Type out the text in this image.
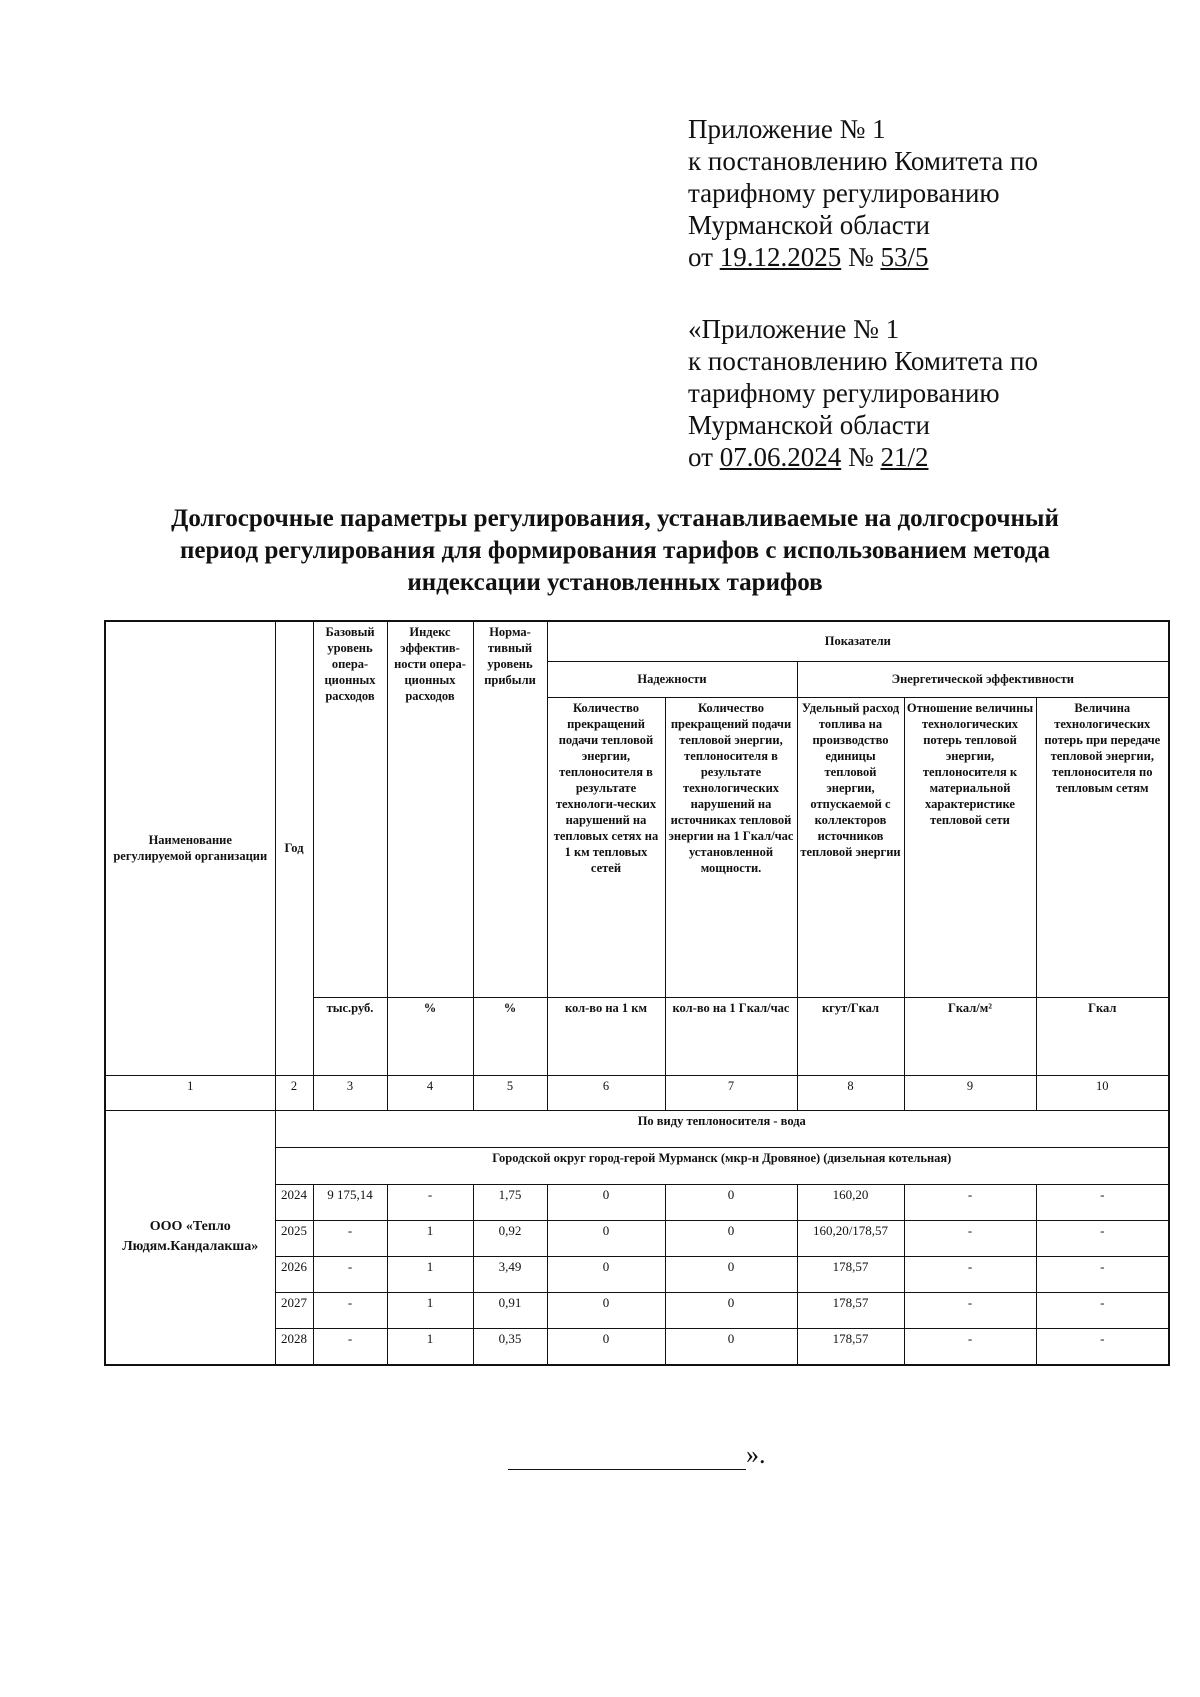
Приложение № 1
к постановлению Комитета по
тарифному регулированию
Мурманской области
от 19.12.2025 № 53/5
«Приложение № 1
к постановлению Комитета по
тарифному регулированию
Мурманской области
от 07.06.2024 № 21/2
Долгосрочные параметры регулирования, устанавливаемые на долгосрочный период регулирования для формирования тарифов с использованием метода индексации установленных тарифов
Наименование регулируемой организации	Год	Базовый уровень опера-ционных расходов	Индекс эффектив-ности опера-ционных расходов	Норма-тивный уровень прибыли	Показатели				
					Надежности		Энергетической эффективности		
					Количество прекращений подачи тепловой энергии, теплоносителя в результате технологи-ческих нарушений на тепловых сетях на 1 км тепловых сетей	Количество прекращений подачи тепловой энергии, теплоносителя в результате технологических нарушений на источниках тепловой энергии на 1 Гкал/час установленной мощности.	Удельный расход топлива на производство единицы тепловой энергии, отпускаемой с коллекторов источников тепловой энергии	Отношение величины технологических потерь тепловой энергии, теплоносителя к материальной характеристике тепловой сети	Величина технологических потерь при передаче тепловой энергии, теплоносителя по тепловым сетям
		тыс.руб.	%	%	кол-во на 1 км	кол-во на 1 Гкал/час	кгут/Гкал	Гкал/м²	Гкал
1	2	3	4	5	6	7	8	9	10
ООО «Тепло Людям.Кандалакша»	По виду теплоносителя - вода								
	Городской округ город-герой Мурманск (мкр-н Дровяное) (дизельная котельная)								
	2024	9 175,14	-	1,75	0	0	160,20	-	-
	2025	-	1	0,92	0	0	160,20/178,57	-	-
	2026	-	1	3,49	0	0	178,57	-	-
	2027	-	1	0,91	0	0	178,57	-	-
	2028	-	1	0,35	0	0	178,57	-	-
».
